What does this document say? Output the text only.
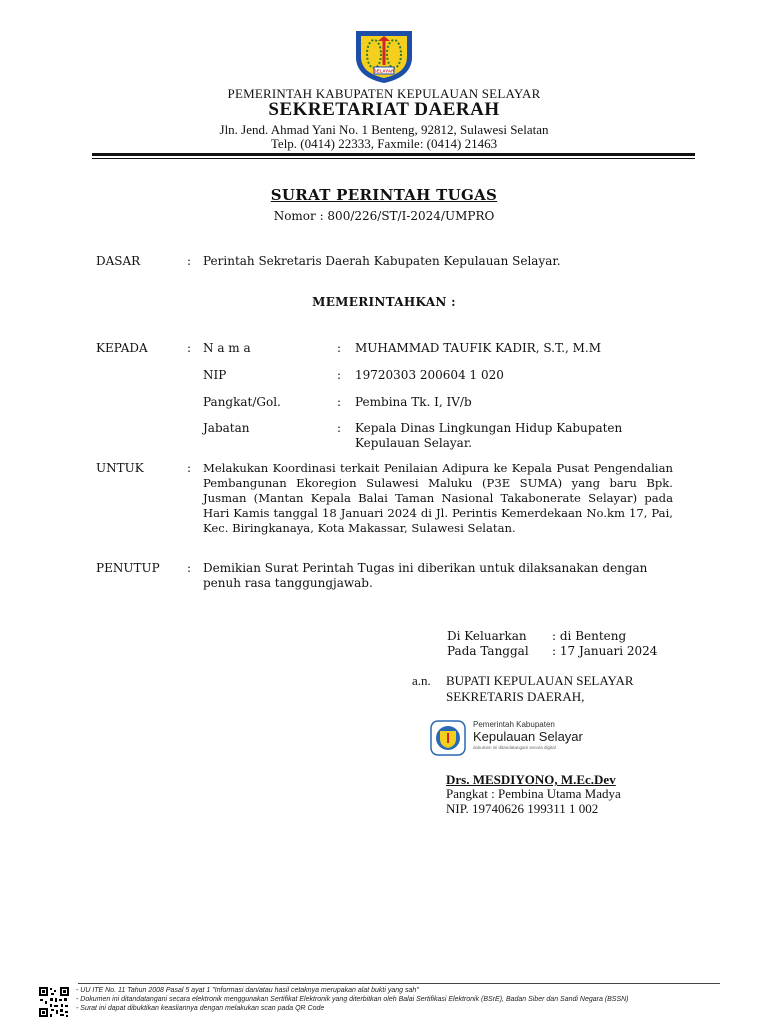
SELAYAR
PEMERINTAH KABUPATEN KEPULAUAN SELAYAR
SEKRETARIAT DAERAH
Jln. Jend. Ahmad Yani No. 1 Benteng, 92812, Sulawesi Selatan
Telp. (0414) 22333, Faxmile: (0414) 21463
SURAT PERINTAH TUGAS
Nomor : 800/226/ST/I-2024/UMPRO
DASAR	: Perintah Sekretaris Daerah Kabupaten Kepulauan Selayar.
MEMERINTAHKAN :
KEPADA	: N a m a	: MUHAMMAD TAUFIK KADIR, S.T., M.M
NIP	: 19720303 200604 1 020
Pangkat/Gol.	: Pembina Tk. I, IV/b
Jabatan	: Kepala Dinas Lingkungan Hidup Kabupaten Kepulauan Selayar.
UNTUK	: Melakukan Koordinasi terkait Penilaian Adipura ke Kepala Pusat Pengendalian Pembangunan Ekoregion Sulawesi Maluku (P3E SUMA) yang baru Bpk. Jusman (Mantan Kepala Balai Taman Nasional Takabonerate Selayar) pada Hari Kamis tanggal 18 Januari 2024 di Jl. Perintis Kemerdekaan No.km 17, Pai, Kec. Biringkanaya, Kota Makassar, Sulawesi Selatan.
PENUTUP : Demikian Surat Perintah Tugas ini diberikan untuk dilaksanakan dengan penuh rasa tanggungjawab.
Di Keluarkan : di Benteng
Pada Tanggal : 17 Januari 2024
a.n. BUPATI KEPULAUAN SELAYAR
SEKRETARIS DAERAH,
Pemerintah Kabupaten
Kepulauan Selayar
dokumen ini ditandatangani secara digital
Drs. MESDIYONO, M.Ec.Dev
Pangkat : Pembina Utama Madya
NIP. 19740626 199311 1 002
- UU ITE No. 11 Tahun 2008 Pasal 5 ayat 1 "Informasi dan/atau hasil cetaknya merupakan alat bukti yang sah"
- Dokumen ini ditandatangani secara elektronik menggunakan Sertifikat Elektronik yang diterbitkan oleh Balai Sertifikasi Elektronik (BSrE), Badan Siber dan Sandi Negara (BSSN)
- Surat ini dapat dibuktikan keasliannya dengan melakukan scan pada QR Code
